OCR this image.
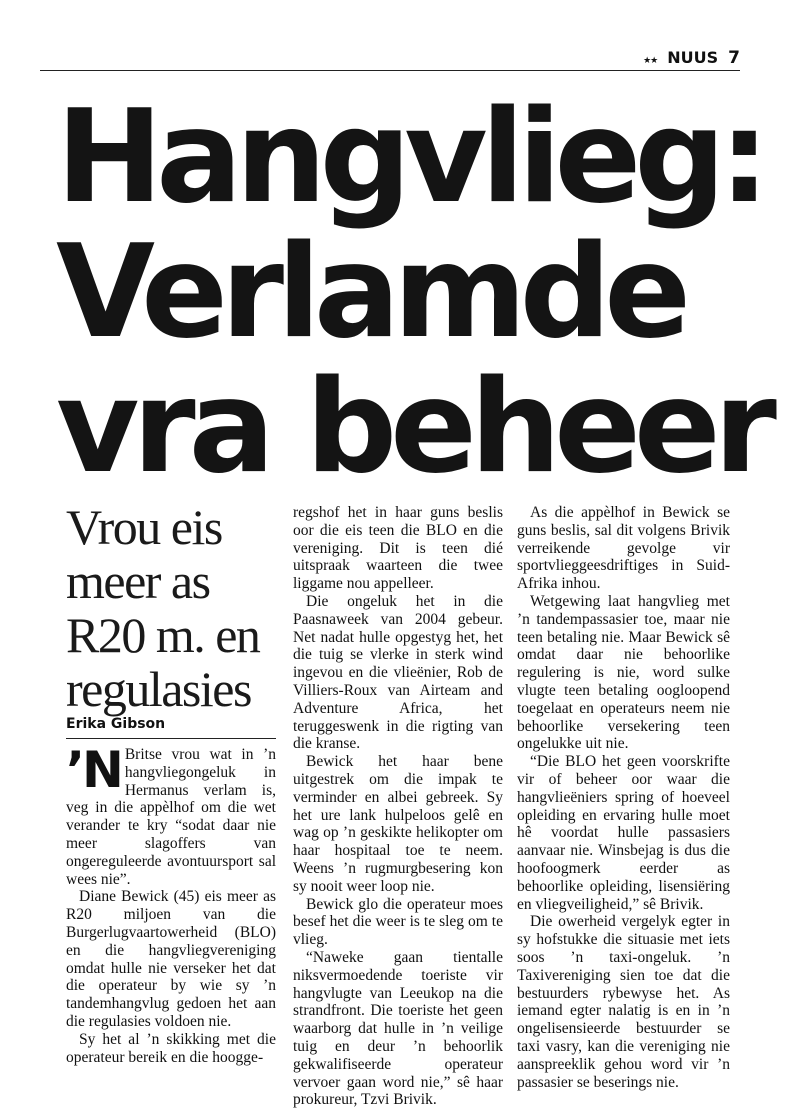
★★ NUUS 7
Hangvlieg:
Verlamde
vra beheer
Vrou eis meer as R20 m. en regulasies
Erika Gibson

’N Britse vrou wat in ’n hangvliegongeluk in Hermanus verlam is, veg in die appèlhof om die wet verander te kry “sodat daar nie meer slagoffers van ongereguleerde avontuursport sal wees nie”.

Diane Bewick (45) eis meer as R20 miljoen van die Burgerlugvaartowerheid (BLO) en die hangvliegvereniging omdat hulle nie verseker het dat die operateur by wie sy ’n tandemhangvlug gedoen het aan die regulasies voldoen nie.

Sy het al ’n skikking met die operateur bereik en die hoogge-

regshof het in haar guns beslis oor die eis teen die BLO en die vereniging. Dit is teen dié uitspraak waarteen die twee liggame nou appelleer.

Die ongeluk het in die Paasnaweek van 2004 gebeur. Net nadat hulle opgestyg het, het die tuig se vlerke in sterk wind ingevou en die vlieënier, Rob de Villiers-Roux van Airteam and Adventure Africa, het teruggeswenk in die rigting van die kranse.

Bewick het haar bene uitgestrek om die impak te verminder en albei gebreek. Sy het ure lank hulpeloos gelê en wag op ’n geskikte helikopter om haar hospitaal toe te neem. Weens ’n rugmurgbesering kon sy nooit weer loop nie.

Bewick glo die operateur moes besef het die weer is te sleg om te vlieg.

“Naweke gaan tientalle niksvermoedende toeriste vir hangvlugte van Leeukop na die strandfront. Die toeriste het geen waarborg dat hulle in ’n veilige tuig en deur ’n behoorlik gekwalifiseerde operateur vervoer gaan word nie,” sê haar prokureur, Tzvi Brivik.

As die appèlhof in Bewick se guns beslis, sal dit volgens Brivik verreikende gevolge vir sportvlieggeesdriftiges in Suid-Afrika inhou.

Wetgewing laat hangvlieg met ’n tandempassasier toe, maar nie teen betaling nie. Maar Bewick sê omdat daar nie behoorlike regulering is nie, word sulke vlugte teen betaling oogloopend toegelaat en operateurs neem nie behoorlike versekering teen ongelukke uit nie.

“Die BLO het geen voorskrifte vir of beheer oor waar die hangvlieëniers spring of hoeveel opleiding en ervaring hulle moet hê voordat hulle passasiers aanvaar nie. Winsbejag is dus die hoofoogmerk eerder as behoorlike opleiding, lisensiëring en vliegveiligheid,” sê Brivik.

Die owerheid vergelyk egter in sy hofstukke die situasie met iets soos ’n taxi-ongeluk. ’n Taxivereniging sien toe dat die bestuurders rybewyse het. As iemand egter nalatig is en in ’n ongelisensieerde bestuurder se taxi vasry, kan die vereniging nie aanspreeklik gehou word vir ’n passasier se beserings nie.
